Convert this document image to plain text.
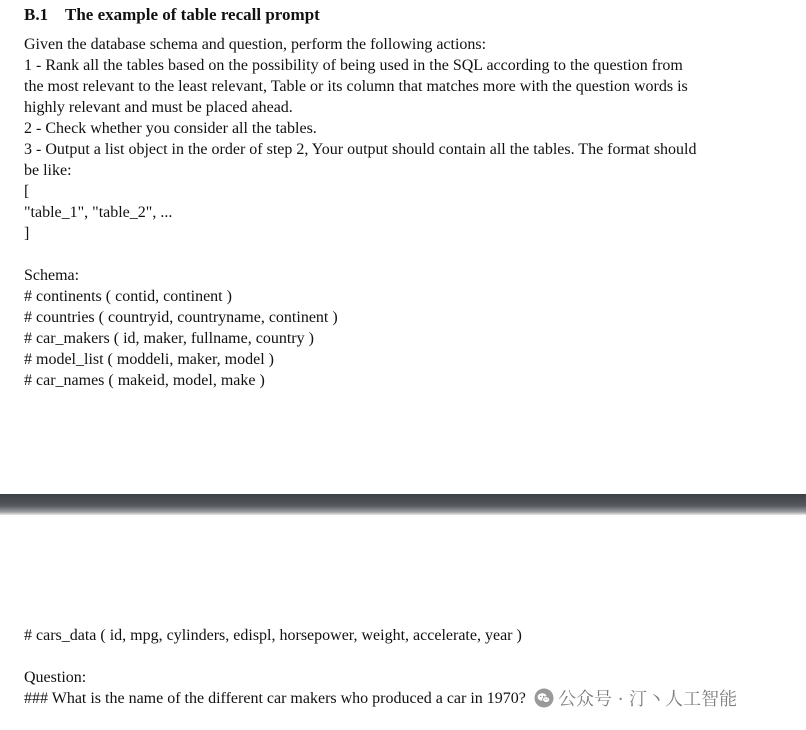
B.1 The example of table recall prompt
Given the database schema and question, perform the following actions:
1 - Rank all the tables based on the possibility of being used in the SQL according to the question from
the most relevant to the least relevant, Table or its column that matches more with the question words is
highly relevant and must be placed ahead.
2 - Check whether you consider all the tables.
3 - Output a list object in the order of step 2, Your output should contain all the tables. The format should
be like:
[
"table_1", "table_2", ...
]
Schema:
# continents ( contid, continent )
# countries ( countryid, countryname, continent )
# car_makers ( id, maker, fullname, country )
# model_list ( moddeli, maker, model )
# car_names ( makeid, model, make )
# cars_data ( id, mpg, cylinders, edispl, horsepower, weight, accelerate, year )
Question:
### What is the name of the different car makers who produced a car in 1970? 公众号 · 汀丶人工智能
